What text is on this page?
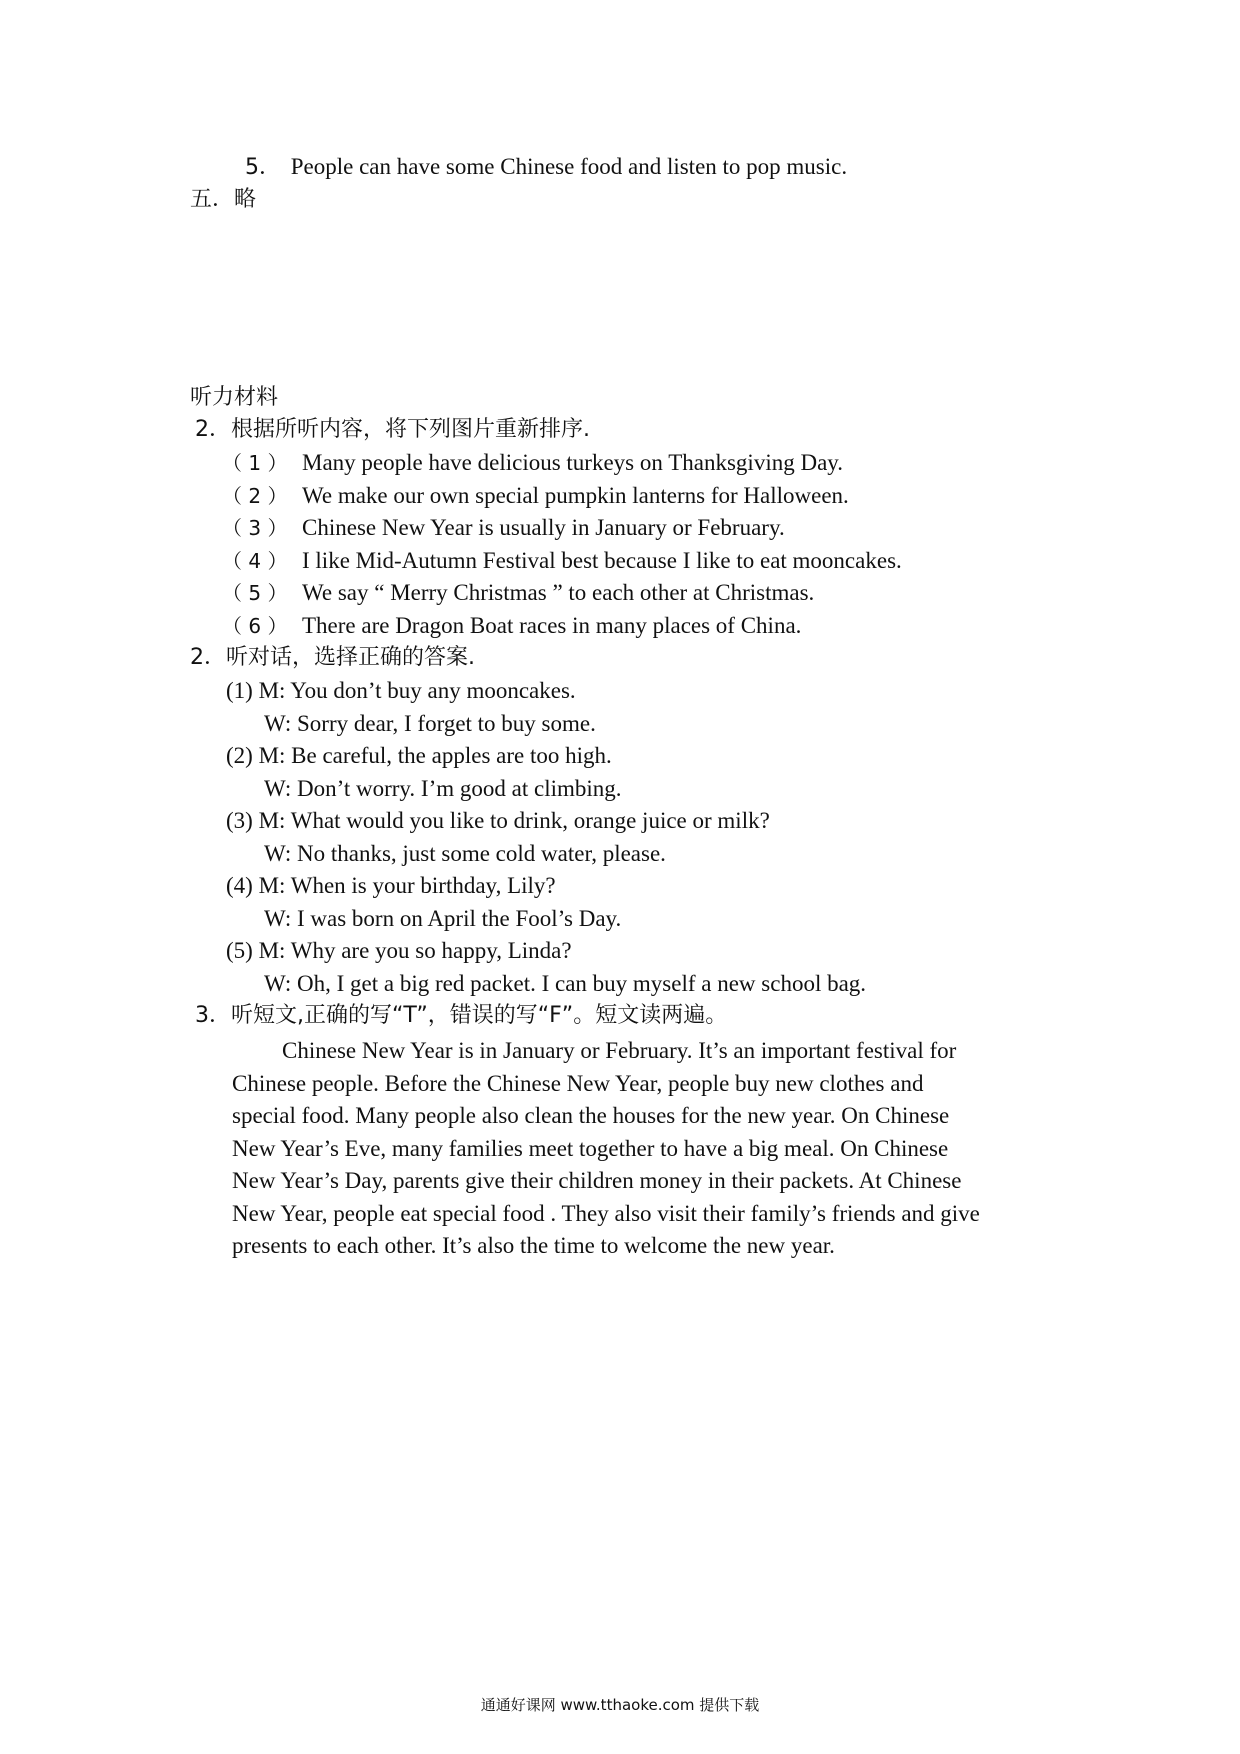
5． People can have some Chinese food and listen to pop music.
五．略
听力材料
2．根据所听内容，将下列图片重新排序.
（ 1 ） Many people have delicious turkeys on Thanksgiving Day.
（ 2 ） We make our own special pumpkin lanterns for Halloween.
（ 3 ） Chinese New Year is usually in January or February.
（ 4 ） I like Mid-Autumn Festival best because I like to eat mooncakes.
（ 5 ） We say “ Merry Christmas ” to each other at Christmas.
（ 6 ） There are Dragon Boat races in many places of China.
2．听对话，选择正确的答案.
(1) M: You don’t buy any mooncakes.
W: Sorry dear, I forget to buy some.
(2) M: Be careful, the apples are too high.
W: Don’t worry. I’m good at climbing.
(3) M: What would you like to drink, orange juice or milk?
W: No thanks, just some cold water, please.
(4) M: When is your birthday, Lily?
W: I was born on April the Fool’s Day.
(5) M: Why are you so happy, Linda?
W: Oh, I get a big red packet. I can buy myself a new school bag.
3．听短文,正确的写“T”，错误的写“F”。短文读两遍。

Chinese New Year is in January or February. It’s an important festival for

Chinese people. Before the Chinese New Year, people buy new clothes and

special food. Many people also clean the houses for the new year. On Chinese

New Year’s Eve, many families meet together to have a big meal. On Chinese

New Year’s Day, parents give their children money in their packets. At Chinese

New Year, people eat special food . They also visit their family’s friends and give

presents to each other. It’s also the time to welcome the new year.

通通好课网 www.tthaoke.com 提供下载
